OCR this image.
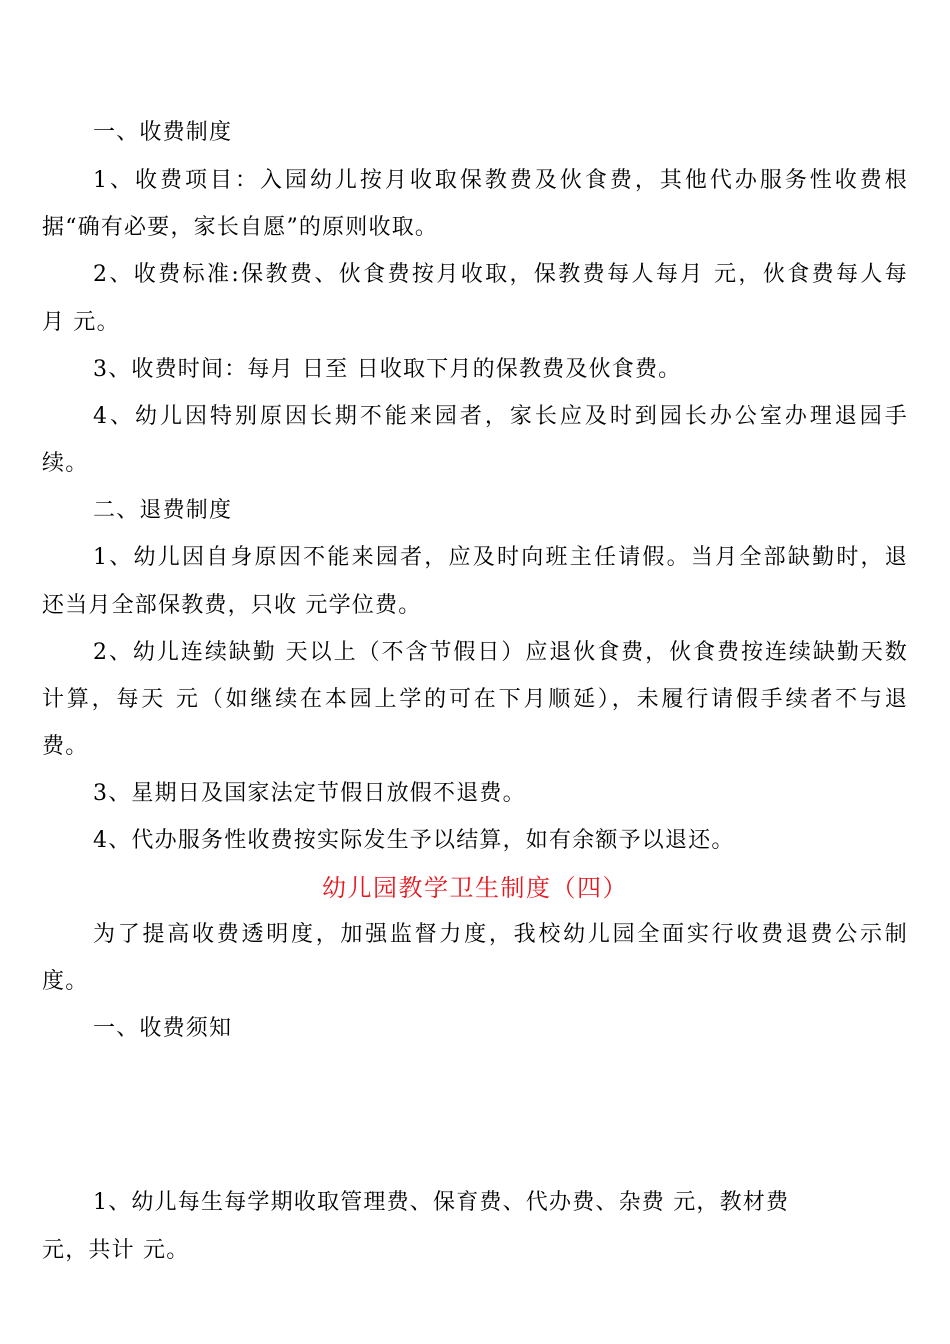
一、收费制度
1、收费项目：入园幼儿按月收取保教费及伙食费，其他代办服务性收费根
据“确有必要，家长自愿”的原则收取。
2、收费标准:保教费、伙食费按月收取，保教费每人每月 元，伙食费每人每
月 元。
3、收费时间：每月 日至 日收取下月的保教费及伙食费。
4、幼儿因特别原因长期不能来园者，家长应及时到园长办公室办理退园手
续。
二、退费制度
1、幼儿因自身原因不能来园者，应及时向班主任请假。当月全部缺勤时，退
还当月全部保教费，只收 元学位费。
2、幼儿连续缺勤 天以上（不含节假日）应退伙食费，伙食费按连续缺勤天数
计算，每天 元（如继续在本园上学的可在下月顺延），未履行请假手续者不与退
费。
3、星期日及国家法定节假日放假不退费。
4、代办服务性收费按实际发生予以结算，如有余额予以退还。
幼儿园教学卫生制度（四）
为了提高收费透明度，加强监督力度，我校幼儿园全面实行收费退费公示制
度。
一、收费须知
1、幼儿每生每学期收取管理费、保育费、代办费、杂费 元，教材费
元，共计 元。
